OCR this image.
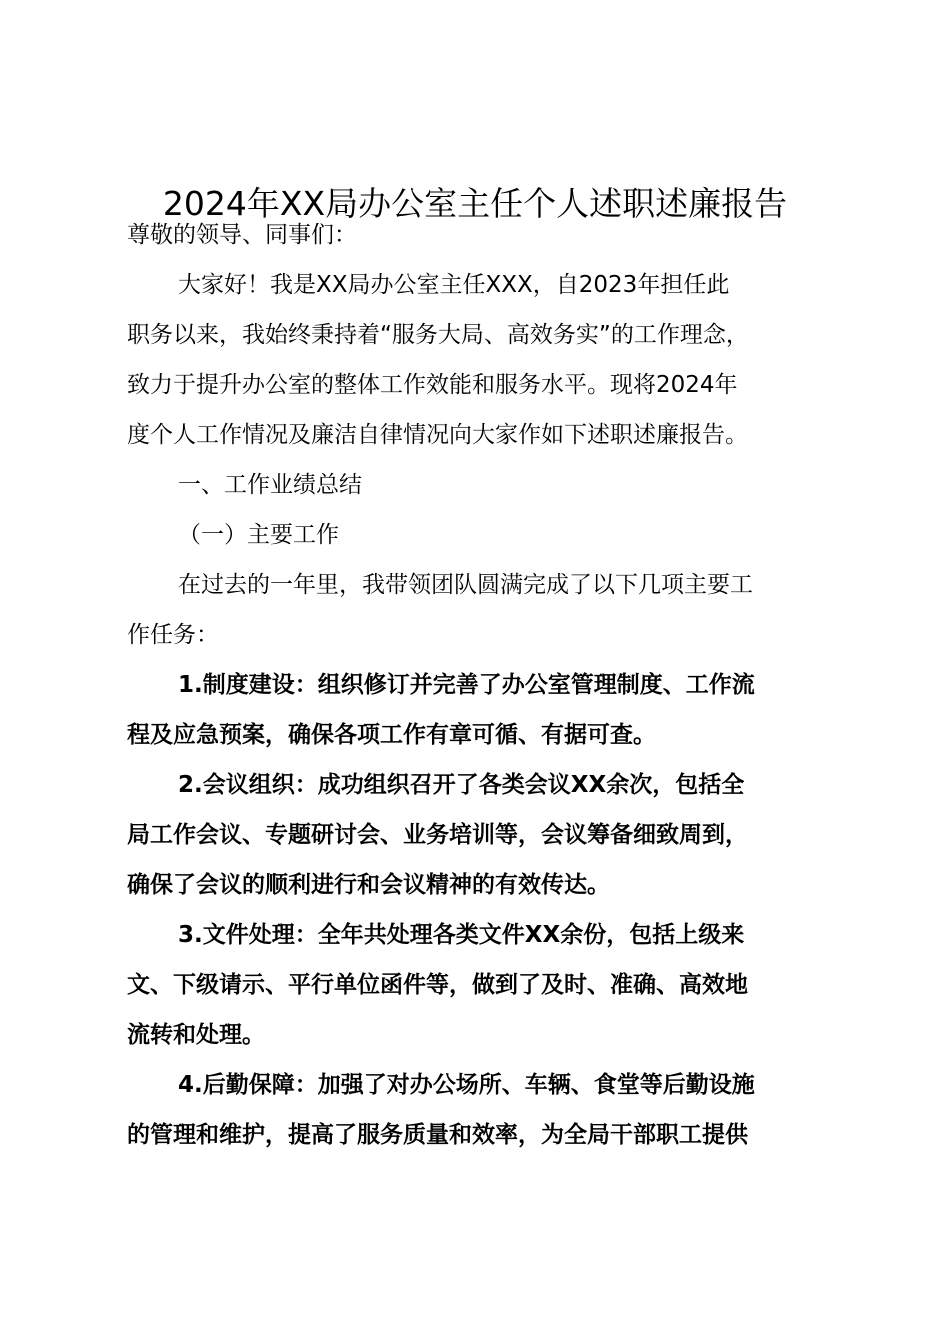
2024年XX局办公室主任个人述职述廉报告
尊敬的领导、同事们：
大家好！我是XX局办公室主任XXX，自2023年担任此
职务以来，我始终秉持着“服务大局、高效务实”的工作理念，
致力于提升办公室的整体工作效能和服务水平。现将2024年
度个人工作情况及廉洁自律情况向大家作如下述职述廉报告。
一、工作业绩总结
（一）主要工作
在过去的一年里，我带领团队圆满完成了以下几项主要工
作任务：
1.制度建设：组织修订并完善了办公室管理制度、工作流
程及应急预案，确保各项工作有章可循、有据可查。
2.会议组织：成功组织召开了各类会议XX余次，包括全
局工作会议、专题研讨会、业务培训等，会议筹备细致周到，
确保了会议的顺利进行和会议精神的有效传达。
3.文件处理：全年共处理各类文件XX余份，包括上级来
文、下级请示、平行单位函件等，做到了及时、准确、高效地
流转和处理。
4.后勤保障：加强了对办公场所、车辆、食堂等后勤设施
的管理和维护，提高了服务质量和效率，为全局干部职工提供
